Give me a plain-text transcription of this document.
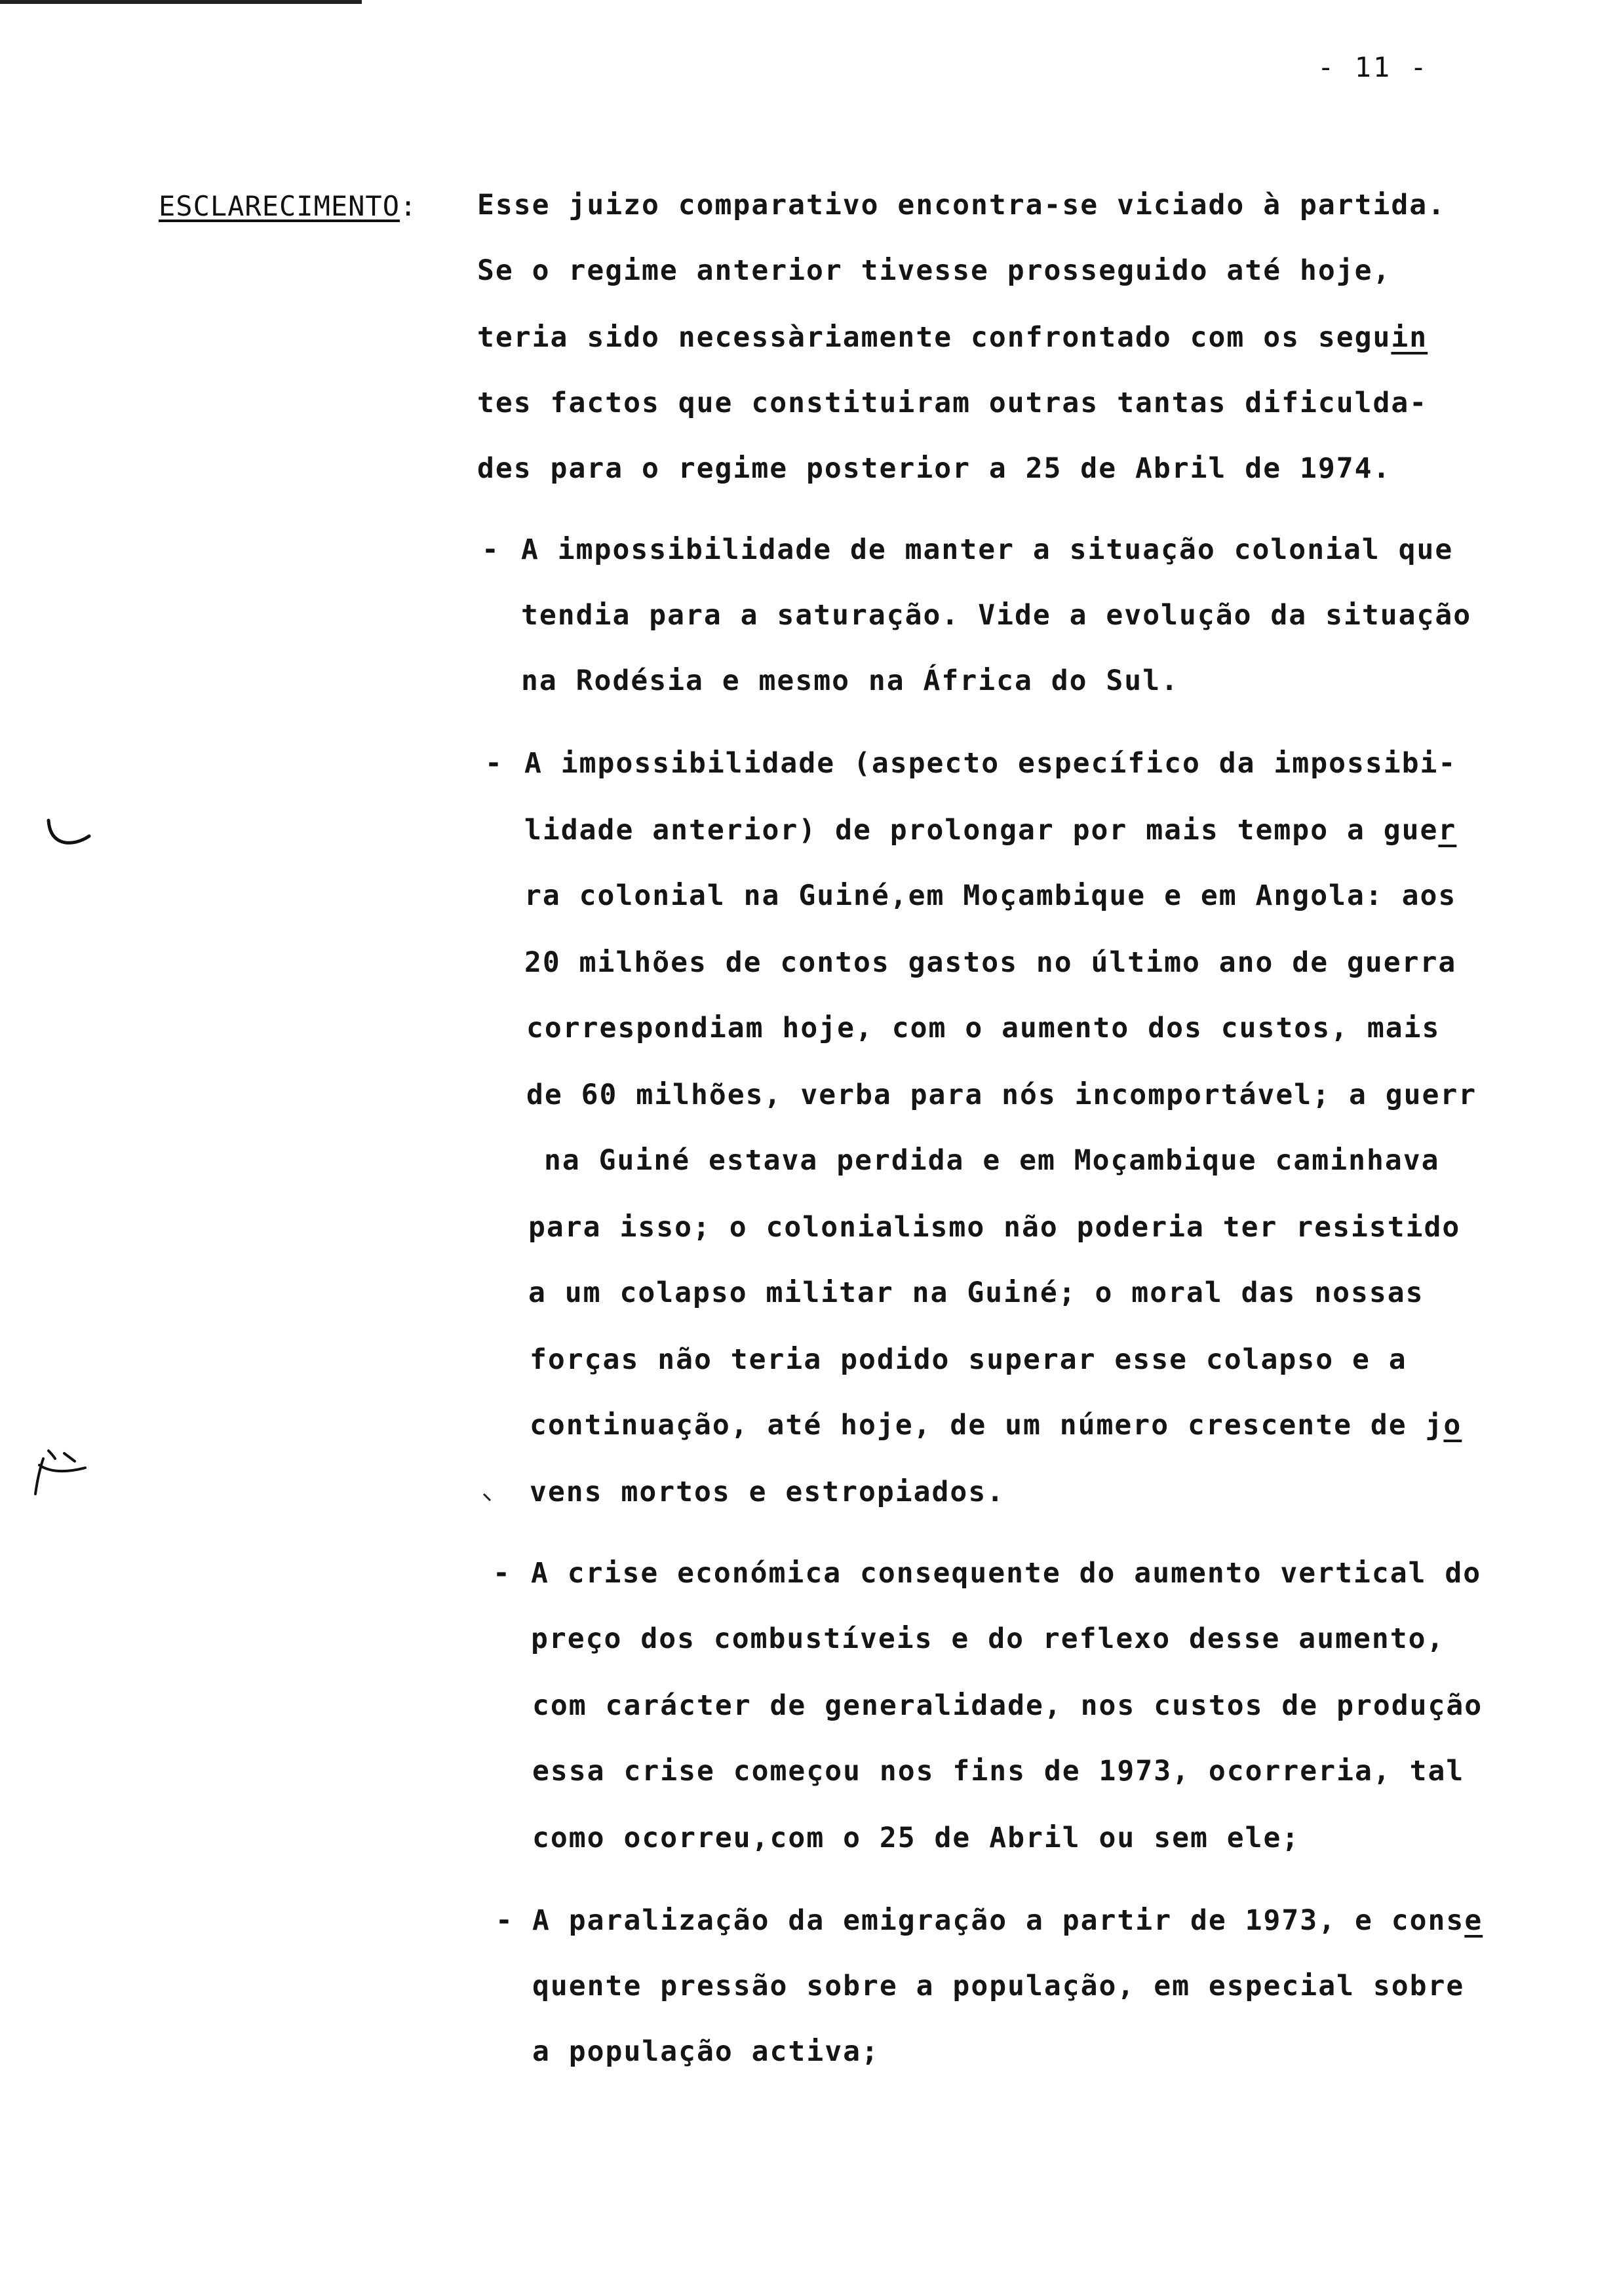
- 11 -
ESCLARECIMENTO: Esse juizo comparativo encontra-se viciado à partida.
Se o regime anterior tivesse prosseguido até hoje,
teria sido necessàriamente confrontado com os seguin
tes factos que constituiram outras tantas dificulda-
des para o regime posterior a 25 de Abril de 1974.
- A impossibilidade de manter a situação colonial que
tendia para a saturação. Vide a evolução da situação
na Rodésia e mesmo na África do Sul.
- A impossibilidade (aspecto específico da impossibi-
lidade anterior) de prolongar por mais tempo a guer
ra colonial na Guiné,em Moçambique e em Angola: aos
20 milhões de contos gastos no último ano de guerra
correspondiam hoje, com o aumento dos custos, mais
de 60 milhões, verba para nós incomportável; a guerr
na Guiné estava perdida e em Moçambique caminhava
para isso; o colonialismo não poderia ter resistido
a um colapso militar na Guiné; o moral das nossas
forças não teria podido superar esse colapso e a
continuação, até hoje, de um número crescente de jo
vens mortos e estropiados.
- A crise económica consequente do aumento vertical do
preço dos combustíveis e do reflexo desse aumento,
com carácter de generalidade, nos custos de produção
essa crise começou nos fins de 1973, ocorreria, tal
como ocorreu,com o 25 de Abril ou sem ele;
- A paralização da emigração a partir de 1973, e conse
quente pressão sobre a população, em especial sobre
a população activa;
